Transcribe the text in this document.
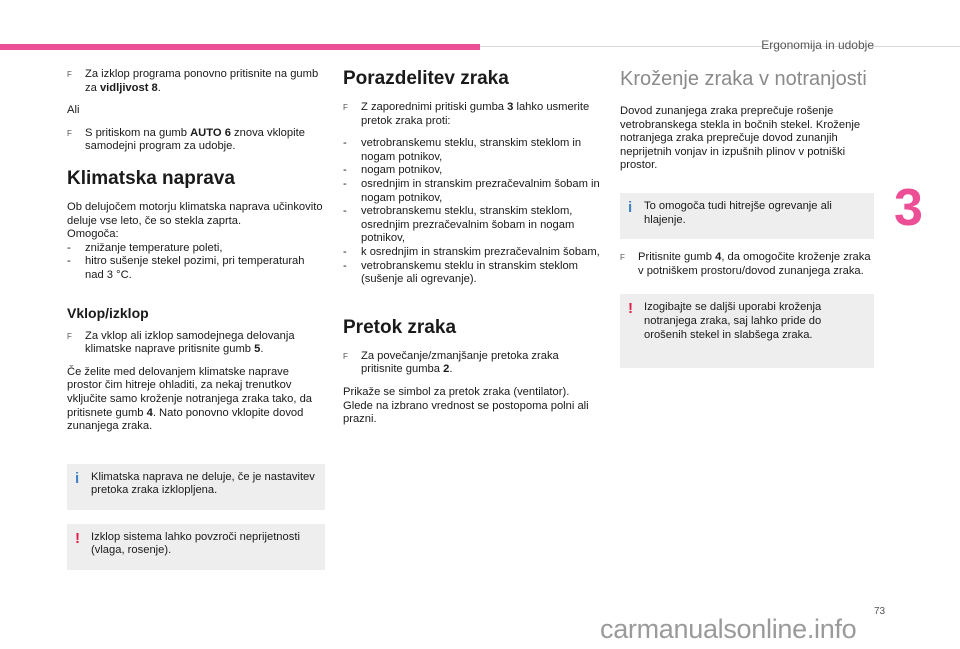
Ergonomija in udobje
3
F Za izklop programa ponovno pritisnite na gumb za vidljivost 8.

Ali

F S pritiskom na gumb AUTO 6 znova vklopite samodejni program za udobje.

Klimatska naprava

Ob delujočem motorju klimatska naprava učinkovito deluje vse leto, če so stekla zaprta.

Omogoča:

- znižanje temperature poleti,
- hitro sušenje stekel pozimi, pri temperaturah nad 3 °C.
Vklop/izklop
F Za vklop ali izklop samodejnega delovanja klimatske naprave pritisnite gumb 5.

Če želite med delovanjem klimatske naprave prostor čim hitreje ohladiti, za nekaj trenutkov vključite samo kroženje notranjega zraka tako, da pritisnete gumb 4. Nato ponovno vklopite dovod zunanjega zraka.

i Klimatska naprava ne deluje, če je nastavitev pretoka zraka izklopljena.

! Izklop sistema lahko povzroči neprijetnosti (vlaga, rosenje).

Porazdelitev zraka
F Z zaporednimi pritiski gumba 3 lahko usmerite pretok zraka proti:

- vetrobranskemu steklu, stranskim steklom in nogam potnikov,
- nogam potnikov,
- osrednjim in stranskim prezračevalnim šobam in nogam potnikov,
- vetrobranskemu steklu, stranskim steklom, osrednjim prezračevalnim šobam in nogam potnikov,
- k osrednjim in stranskim prezračevalnim šobam,
- vetrobranskemu steklu in stranskim steklom (sušenje ali ogrevanje).
Pretok zraka
F Za povečanje/zmanjšanje pretoka zraka pritisnite gumba 2.

Prikaže se simbol za pretok zraka (ventilator). Glede na izbrano vrednost se postopoma polni ali prazni.

Kroženje zraka v notranjosti

Dovod zunanjega zraka preprečuje rošenje vetrobranskega stekla in bočnih stekel. Kroženje notranjega zraka preprečuje dovod zunanjih neprijetnih vonjav in izpušnih plinov v potniški prostor.

i To omogoča tudi hitrejše ogrevanje ali hlajenje.

F Pritisnite gumb 4, da omogočite kroženje zraka v potniškem prostoru/dovod zunanjega zraka.

! Izogibajte se daljši uporabi kroženja notranjega zraka, saj lahko pride do orošenih stekel in slabšega zraka.

73
carmanualsonline.info
